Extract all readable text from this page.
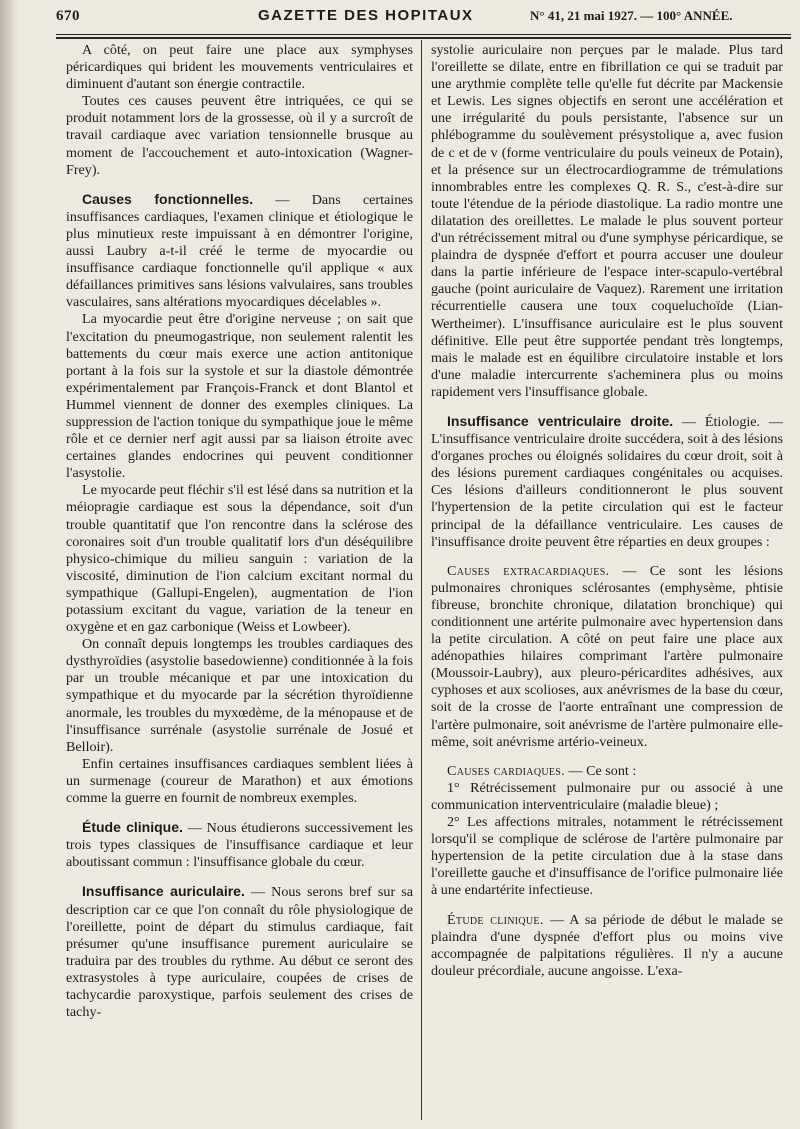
670	GAZETTE DES HOPITAUX	N° 41, 21 mai 1927. — 100° ANNÉE.

A côté, on peut faire une place aux symphyses péricardiques qui brident les mouvements ventriculaires et diminuent d'autant son énergie contractile.

Toutes ces causes peuvent être intriquées, ce qui se produit notamment lors de la grossesse, où il y a surcroît de travail cardiaque avec variation tensionnelle brusque au moment de l'accouchement et auto-intoxication (Wagner-Frey).

Causes fonctionnelles. — Dans certaines insuffisances cardiaques, l'examen clinique et étiologique le plus minutieux reste impuissant à en démontrer l'origine, aussi Laubry a-t-il créé le terme de myocardie ou insuffisance cardiaque fonctionnelle qu'il applique « aux défaillances primitives sans lésions valvulaires, sans troubles vasculaires, sans altérations myocardiques décelables ».

La myocardie peut être d'origine nerveuse ; on sait que l'excitation du pneumogastrique, non seulement ralentit les battements du cœur mais exerce une action antitonique portant à la fois sur la systole et sur la diastole démontrée expérimentalement par François-Franck et dont Blantol et Hummel viennent de donner des exemples cliniques. La suppression de l'action tonique du sympathique joue le même rôle et ce dernier nerf agit aussi par sa liaison étroite avec certaines glandes endocrines qui peuvent conditionner l'asystolie.

Le myocarde peut fléchir s'il est lésé dans sa nutrition et la méiopragie cardiaque est sous la dépendance, soit d'un trouble quantitatif que l'on rencontre dans la sclérose des coronaires soit d'un trouble qualitatif lors d'un déséquilibre physico-chimique du milieu sanguin : variation de la viscosité, diminution de l'ion calcium excitant normal du sympathique (Gallupi-Engelen), augmentation de l'ion potassium excitant du vague, variation de la teneur en oxygène et en gaz carbonique (Weiss et Lowbeer).

On connaît depuis longtemps les troubles cardiaques des dysthyroïdies (asystolie basedowienne) conditionnée à la fois par un trouble mécanique et par une intoxication du sympathique et du myocarde par la sécrétion thyroïdienne anormale, les troubles du myxœdème, de la ménopause et de l'insuffisance surrénale (asystolie surrénale de Josué et Belloir).

Enfin certaines insuffisances cardiaques semblent liées à un surmenage (coureur de Marathon) et aux émotions comme la guerre en fournit de nombreux exemples.

Étude clinique. — Nous étudierons successivement les trois types classiques de l'insuffisance cardiaque et leur aboutissant commun : l'insuffisance globale du cœur.

Insuffisance auriculaire. — Nous serons bref sur sa description car ce que l'on connaît du rôle physiologique de l'oreillette, point de départ du stimulus cardiaque, fait présumer qu'une insuffisance purement auriculaire se traduira par des troubles du rythme. Au début ce seront des extrasystoles à type auriculaire, coupées de crises de tachycardie paroxystique, parfois seulement des crises de tachy-

systolie auriculaire non perçues par le malade. Plus tard l'oreillette se dilate, entre en fibrillation ce qui se traduit par une arythmie complète telle qu'elle fut décrite par Mackensie et Lewis. Les signes objectifs en seront une accélération et une irrégularité du pouls persistante, l'absence sur un phlébogramme du soulèvement présystolique a, avec fusion de c et de v (forme ventriculaire du pouls veineux de Potain), et la présence sur un électrocardiogramme de trémulations innombrables entre les complexes Q. R. S., c'est-à-dire sur toute l'étendue de la période diastolique. La radio montre une dilatation des oreillettes. Le malade le plus souvent porteur d'un rétrécissement mitral ou d'une symphyse péricardique, se plaindra de dyspnée d'effort et pourra accuser une douleur dans la partie inférieure de l'espace inter-scapulo-vertébral gauche (point auriculaire de Vaquez). Rarement une irritation récurrentielle causera une toux coqueluchoïde (Lian-Wertheimer). L'insuffisance auriculaire est le plus souvent définitive. Elle peut être supportée pendant très longtemps, mais le malade est en équilibre circulatoire instable et lors d'une maladie intercurrente s'acheminera plus ou moins rapidement vers l'insuffisance globale.

Insuffisance ventriculaire droite. — Étiologie. — L'insuffisance ventriculaire droite succédera, soit à des lésions d'organes proches ou éloignés solidaires du cœur droit, soit à des lésions purement cardiaques congénitales ou acquises. Ces lésions d'ailleurs conditionneront le plus souvent l'hypertension de la petite circulation qui est le facteur principal de la défaillance ventriculaire. Les causes de l'insuffisance droite peuvent être réparties en deux groupes :

Causes extracardiaques. — Ce sont les lésions pulmonaires chroniques sclérosantes (emphysème, phtisie fibreuse, bronchite chronique, dilatation bronchique) qui conditionnent une artérite pulmonaire avec hypertension dans la petite circulation. A côté on peut faire une place aux adénopathies hilaires comprimant l'artère pulmonaire (Moussoir-Laubry), aux pleuro-péricardites adhésives, aux cyphoses et aux scolioses, aux anévrismes de la base du cœur, soit de la crosse de l'aorte entraînant une compression de l'artère pulmonaire, soit anévrisme de l'artère pulmonaire elle-même, soit anévrisme artério-veineux.

Causes cardiaques. — Ce sont :

1° Rétrécissement pulmonaire pur ou associé à une communication interventriculaire (maladie bleue) ;

2° Les affections mitrales, notamment le rétrécissement lorsqu'il se complique de sclérose de l'artère pulmonaire par hypertension de la petite circulation due à la stase dans l'oreillette gauche et d'insuffisance de l'orifice pulmonaire liée à une endartérite infectieuse.

Étude clinique. — A sa période de début le malade se plaindra d'une dyspnée d'effort plus ou moins vive accompagnée de palpitations régulières. Il n'y a aucune douleur précordiale, aucune angoisse. L'exa-
